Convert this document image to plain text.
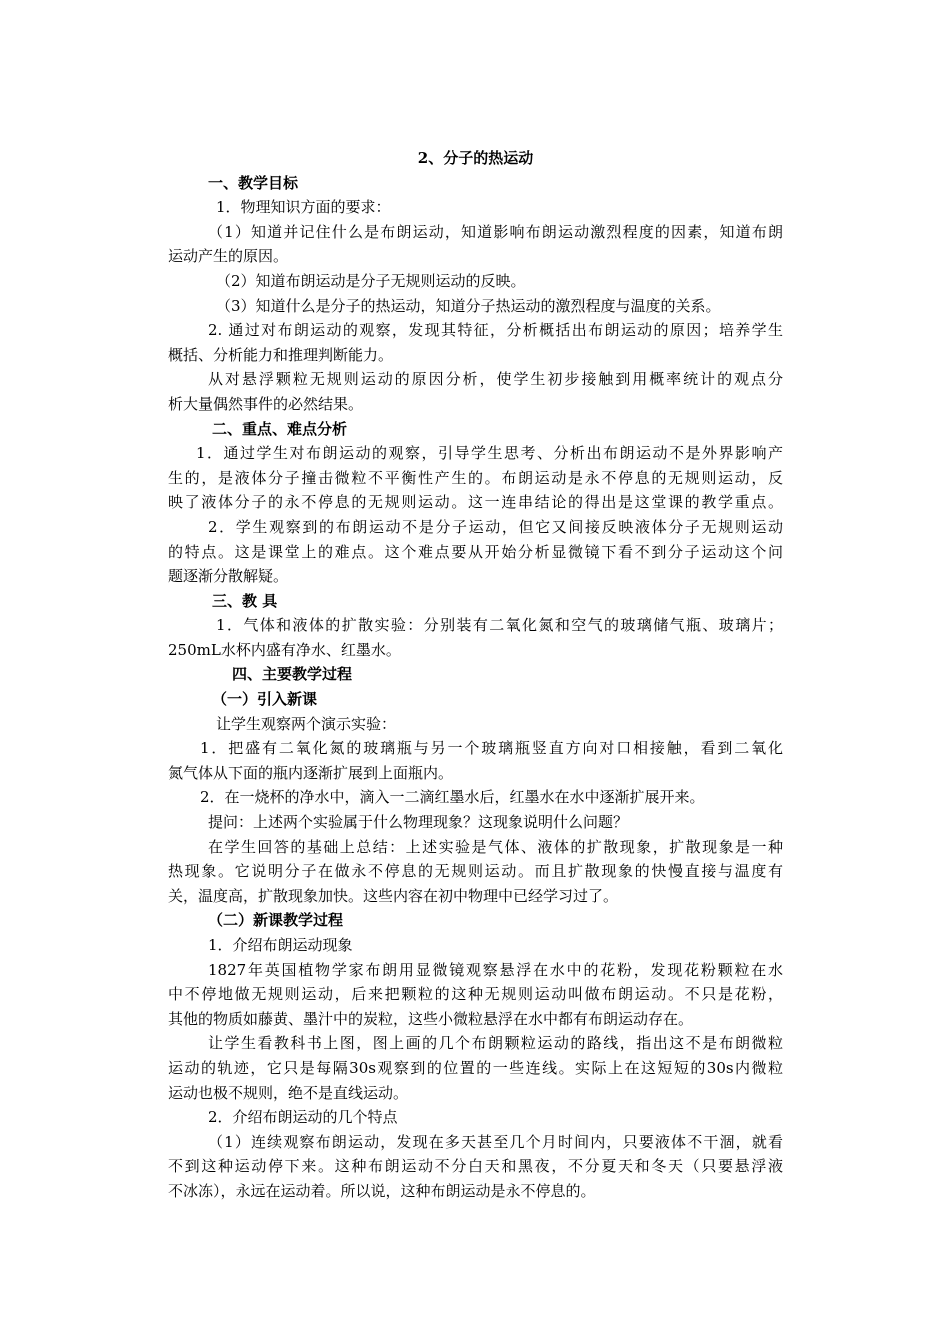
2、分子的热运动
一、教学目标
1．物理知识方面的要求：
（1）知道并记住什么是布朗运动，知道影响布朗运动激烈程度的因素，知道布朗
运动产生的原因。
（2）知道布朗运动是分子无规则运动的反映。
（3）知道什么是分子的热运动，知道分子热运动的激烈程度与温度的关系。
2. 通过对布朗运动的观察，发现其特征，分析概括出布朗运动的原因；培养学生
概括、分析能力和推理判断能力。
从对悬浮颗粒无规则运动的原因分析，使学生初步接触到用概率统计的观点分
析大量偶然事件的必然结果。
二、重点、难点分析
1．通过学生对布朗运动的观察，引导学生思考、分析出布朗运动不是外界影响产
生的，是液体分子撞击微粒不平衡性产生的。布朗运动是永不停息的无规则运动，反
映了液体分子的永不停息的无规则运动。这一连串结论的得出是这堂课的教学重点。
2．学生观察到的布朗运动不是分子运动，但它又间接反映液体分子无规则运动
的特点。这是课堂上的难点。这个难点要从开始分析显微镜下看不到分子运动这个问
题逐渐分散解疑。
三、教 具
1．气体和液体的扩散实验：分别装有二氧化氮和空气的玻璃储气瓶、玻璃片；
250mL水杯内盛有净水、红墨水。
四、主要教学过程
（一）引入新课
让学生观察两个演示实验：
1．把盛有二氧化氮的玻璃瓶与另一个玻璃瓶竖直方向对口相接触，看到二氧化
氮气体从下面的瓶内逐渐扩展到上面瓶内。
2．在一烧杯的净水中，滴入一二滴红墨水后，红墨水在水中逐渐扩展开来。
提问：上述两个实验属于什么物理现象？这现象说明什么问题？
在学生回答的基础上总结：上述实验是气体、液体的扩散现象，扩散现象是一种
热现象。它说明分子在做永不停息的无规则运动。而且扩散现象的快慢直接与温度有
关，温度高，扩散现象加快。这些内容在初中物理中已经学习过了。
（二）新课教学过程
1．介绍布朗运动现象
1827年英国植物学家布朗用显微镜观察悬浮在水中的花粉，发现花粉颗粒在水
中不停地做无规则运动，后来把颗粒的这种无规则运动叫做布朗运动。不只是花粉，
其他的物质如藤黄、墨汁中的炭粒，这些小微粒悬浮在水中都有布朗运动存在。
让学生看教科书上图，图上画的几个布朗颗粒运动的路线，指出这不是布朗微粒
运动的轨迹，它只是每隔30s观察到的位置的一些连线。实际上在这短短的30s内微粒
运动也极不规则，绝不是直线运动。
2．介绍布朗运动的几个特点
（1）连续观察布朗运动，发现在多天甚至几个月时间内，只要液体不干涸，就看
不到这种运动停下来。这种布朗运动不分白天和黑夜，不分夏天和冬天（只要悬浮液
不冰冻），永远在运动着。所以说，这种布朗运动是永不停息的。
